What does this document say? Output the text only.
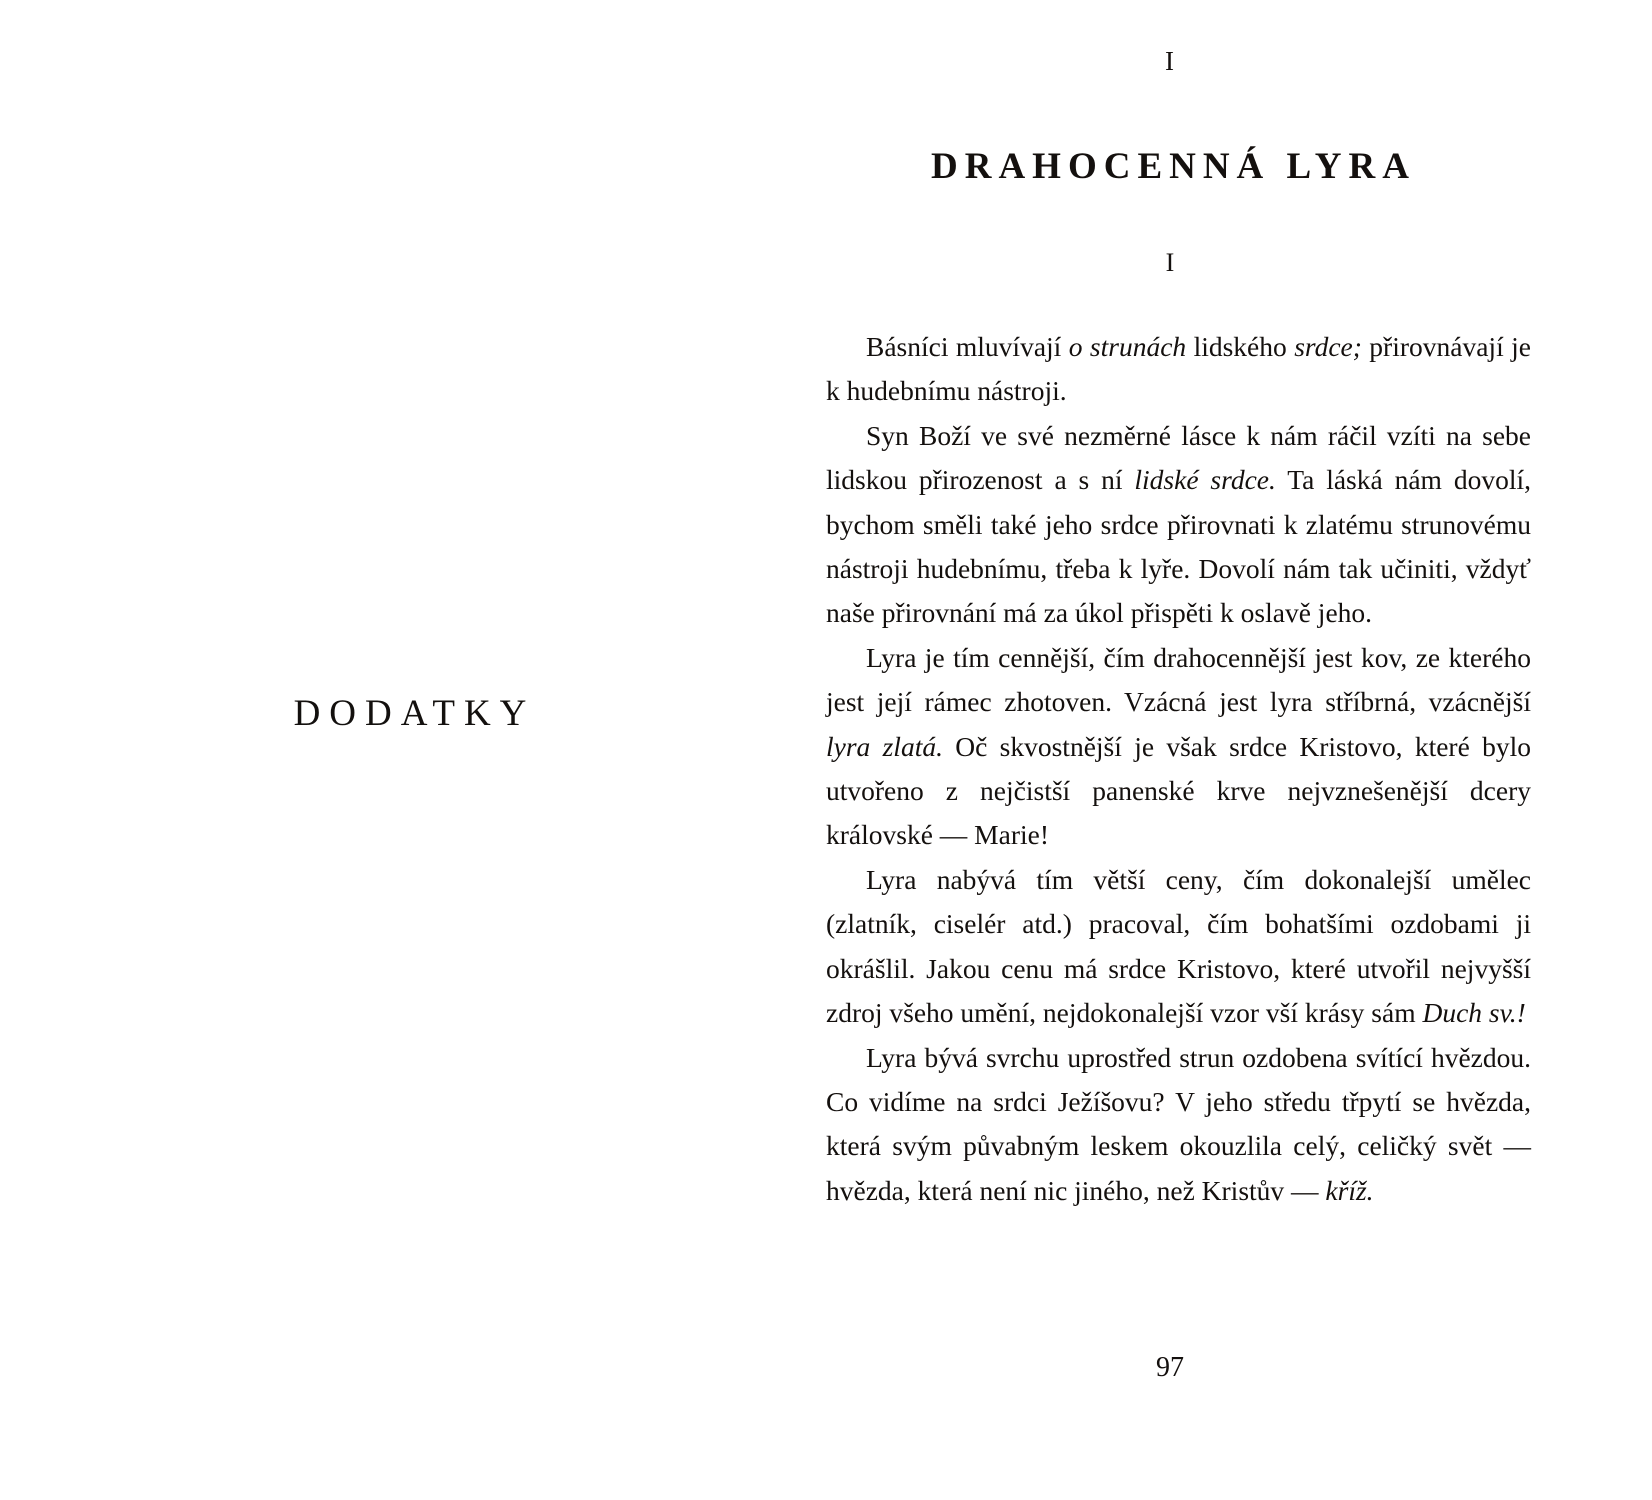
DODATKY
I
DRAHOCENNÁ LYRA
I

Básníci mluvívají o strunách lidského srdce; přirovnávají je k hudebnímu nástroji.

Syn Boží ve své nezměrné lásce k nám ráčil vzíti na sebe lidskou přirozenost a s ní lidské srdce. Ta láská nám dovolí, bychom směli také jeho srdce přirovnati k zlatému strunovému nástroji hudebnímu, třeba k lyře. Dovolí nám tak učiniti, vždyť naše přirovnání má za úkol přispěti k oslavě jeho.

Lyra je tím cennější, čím drahocennější jest kov, ze kterého jest její rámec zhotoven. Vzácná jest lyra stříbrná, vzácnější lyra zlatá. Oč skvostnější je však srdce Kristovo, které bylo utvořeno z nejčistší panenské krve nejvznešenější dcery královské — Marie!

Lyra nabývá tím větší ceny, čím dokonalejší umělec (zlatník, ciselér atd.) pracoval, čím bohatšími ozdobami ji okrášlil. Jakou cenu má srdce Kristovo, které utvořil nejvyšší zdroj všeho umění, nejdokonalejší vzor vší krásy sám Duch sv.!

Lyra bývá svrchu uprostřed strun ozdobena svítící hvězdou. Co vidíme na srdci Ježíšovu? V jeho středu třpytí se hvězda, která svým půvabným leskem okouzlila celý, celičký svět — hvězda, která není nic jiného, než Kristův — kříž.

97
